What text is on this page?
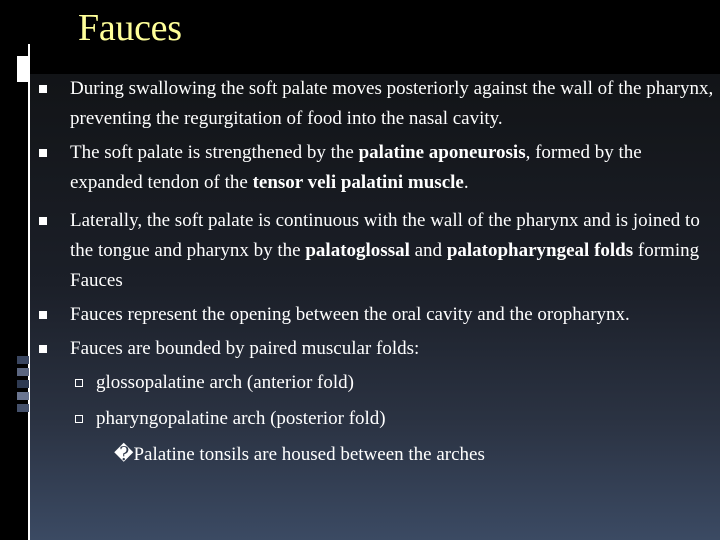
Fauces
During swallowing the soft palate moves posteriorly against the wall of the pharynx, preventing the regurgitation of food into the nasal cavity.
The soft palate is strengthened by the palatine aponeurosis, formed by the expanded tendon of the tensor veli palatini muscle.
Laterally, the soft palate is continuous with the wall of the pharynx and is joined to the tongue and pharynx by the palatoglossal and palatopharyngeal folds forming Fauces
Fauces represent the opening between the oral cavity and the oropharynx.
Fauces are bounded by paired muscular folds:
glossopalatine arch (anterior fold)
pharyngopalatine arch (posterior fold)
�Palatine tonsils are housed between the arches
